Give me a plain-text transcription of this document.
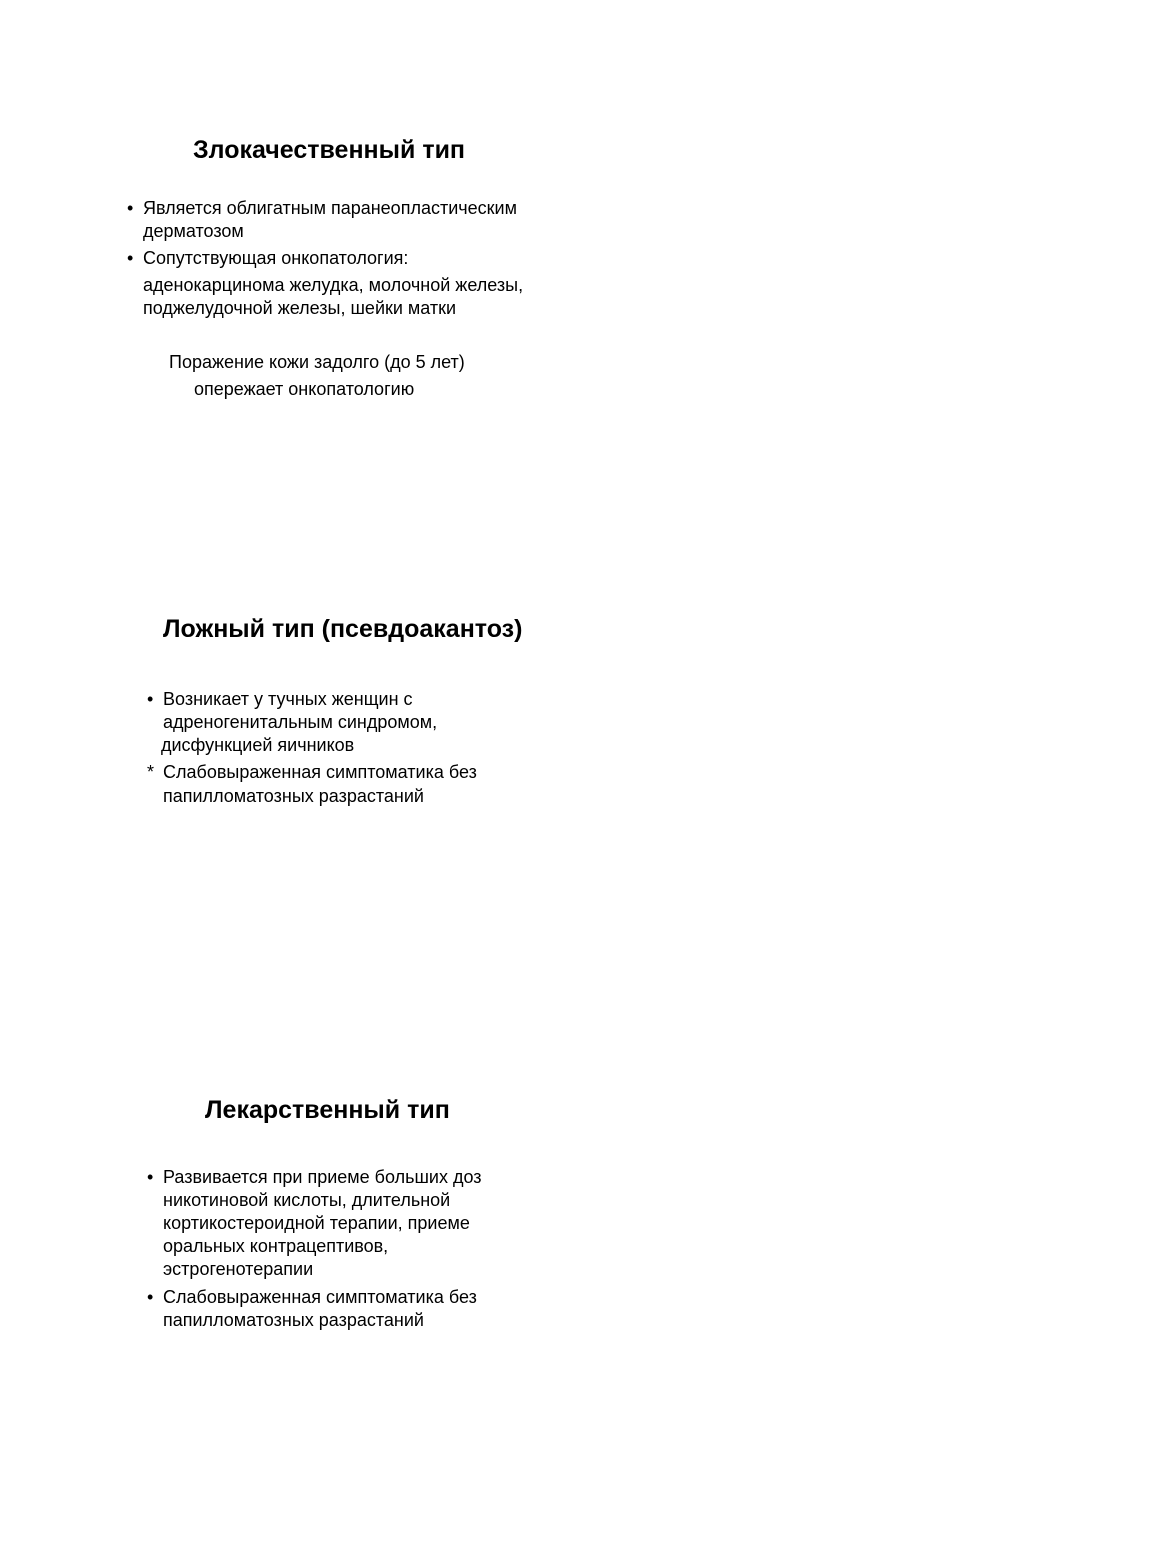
Злокачественный тип
• Является облигатным паранеопластическим
дерматозом
• Сопутствующая онкопатология:
аденокарцинома желудка, молочной железы,
поджелудочной железы, шейки матки
Поражение кожи задолго (до 5 лет)
опережает онкопатологию
Ложный тип (псевдоакантоз)
• Возникает у тучных женщин с
адреногенитальным синдромом,
дисфункцией яичников
* Слабовыраженная симптоматика без
папилломатозных разрастаний
Лекарственный тип
• Развивается при приеме больших доз
никотиновой кислоты, длительной
кортикостероидной терапии, приеме
оральных контрацептивов,
эстрогенотерапии
• Слабовыраженная симптоматика без
папилломатозных разрастаний
